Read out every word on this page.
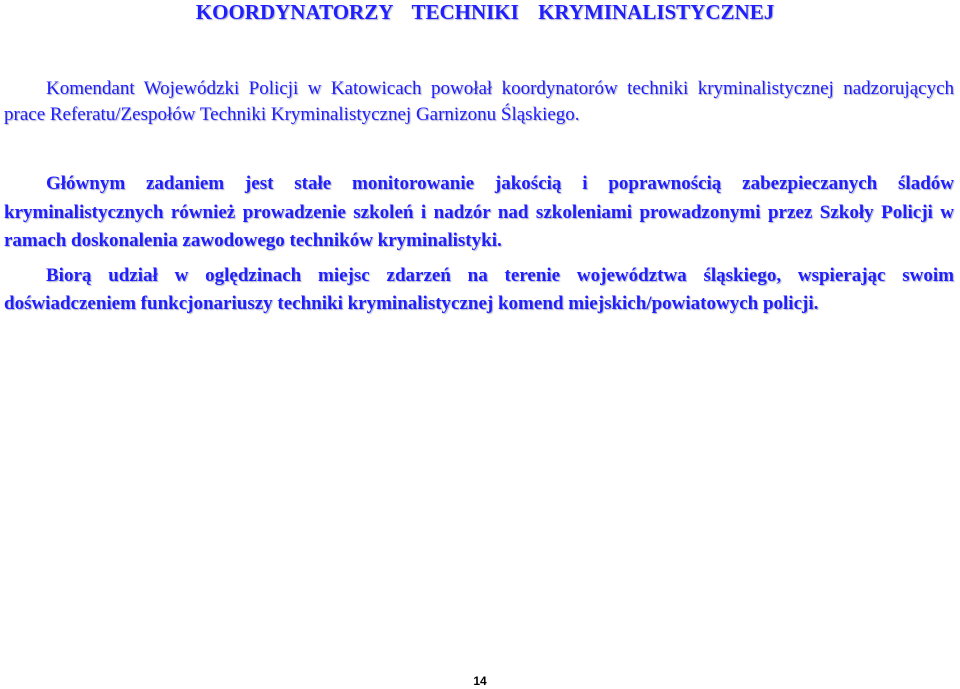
KOORDYNATORZY TECHNIKI KRYMINALISTYCZNEJ

Komendant Wojewódzki Policji w Katowicach powołał koordynatorów techniki kryminalistycznej nadzorujących prace Referatu/Zespołów Techniki Kryminalistycznej Garnizonu Śląskiego.

Głównym zadaniem jest stałe monitorowanie jakością i poprawnością zabezpieczanych śladów kryminalistycznych również prowadzenie szkoleń i nadzór nad szkoleniami prowadzonymi przez Szkoły Policji w ramach doskonalenia zawodowego techników kryminalistyki.

Biorą udział w oględzinach miejsc zdarzeń na terenie województwa śląskiego, wspierając swoim doświadczeniem funkcjonariuszy techniki kryminalistycznej komend miejskich/powiatowych policji.

14
